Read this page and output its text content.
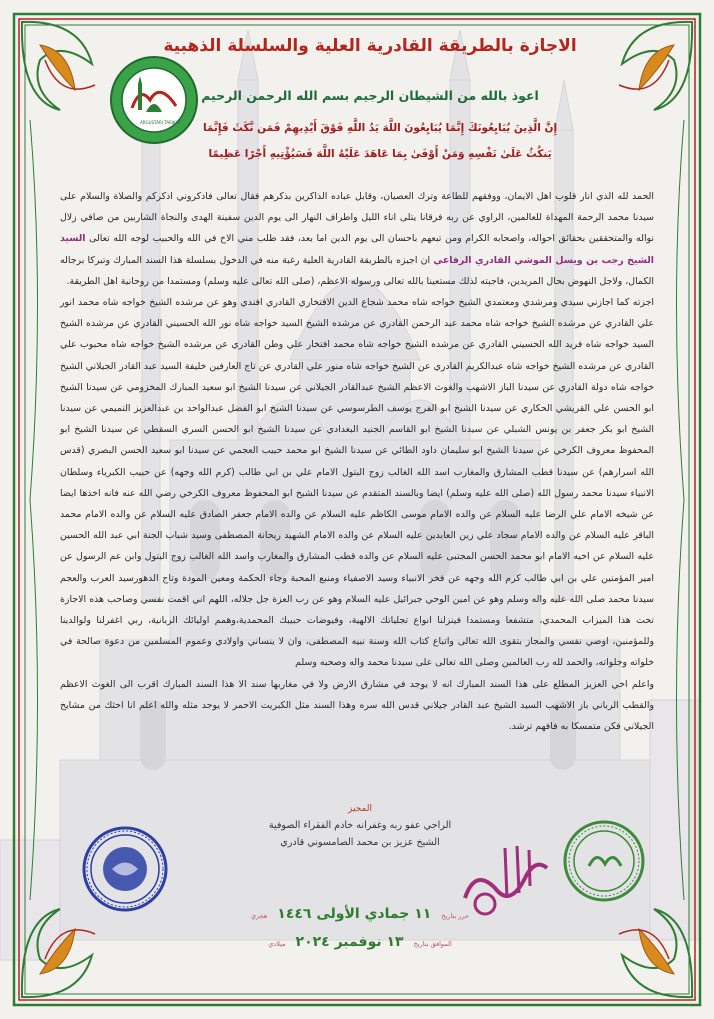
ARGUSTARI TARIKAT
الاجازة بالطريقة القادرية العلية والسلسلة الذهبية
اعوذ بالله من الشيطان الرجيم بسم الله الرحمن الرحيم
إِنَّ الَّذِينَ يُبَايِعُونَكَ إِنَّمَا يُبَايِعُونَ اللَّهَ يَدُ اللَّهِ فَوْقَ أَيْدِيهِمْ فَمَن نَّكَثَ فَإِنَّمَا
يَنكُثُ عَلَىٰ نَفْسِهِ وَمَنْ أَوْفَىٰ بِمَا عَاهَدَ عَلَيْهُ اللَّهَ فَسَيُؤْتِيهِ أَجْرًا عَظِيمًا

الحمد لله الذي انار قلوب اهل الايمان، ووفقهم للطاعة وترك العصيان، وقابل عباده الذاكرين بذكرهم فقال تعالى فاذكروني اذكركم والصلاة والسلام على سيدنا محمد الرحمة المهداة للعالمين، الراوي عن ربه فرقانا يتلى اناء الليل واطراف النهار الى يوم الدين سفينة الهدى والنجاة الشاربين من صافي زلال نواله والمتحققين بحقائق احواله، واصحابه الكرام ومن تبعهم باحسان الى يوم الدين اما بعد، فقد طلب مني الاخ في الله والحبيب لوجه الله تعالى السيد الشيخ رجب بن ويسل الموشي القادري الرفاعي ان اجيزه بالطريقة القادرية العلية رغبة منه في الدخول بسلسلة هذا السند المبارك وتبركا برجاله الكمال، ولاجل النهوض بحال المريدين، فاجبته لذلك مستعينا بالله تعالى ورسوله الاعظم، (صلى الله تعالى عليه وسلم) ومستمدا من روحانية اهل الطريقة.

اجزته كما اجازني سيدي ومرشدي ومعتمدي الشيخ خواجه شاه محمد شجاع الدين الافتخاري القادري افندي وهو عن مرشده الشيخ خواجه شاه محمد انور علي القادري عن مرشده الشيخ خواجه شاه محمد عبد الرحمن القادري عن مرشده الشيخ السيد خواجه شاه نور الله الحسيني القادري عن مرشده الشيخ السيد خواجه شاه فريد الله الحسيني القادري عن مرشده الشيخ خواجه شاه محمد افتخار علي وطن القادري عن مرشده الشيخ خواجه شاه محبوب علي القادري عن مرشده الشيخ خواجه شاه عبدالكريم القادري عن الشيخ خواجه شاه منور علي القادري عن تاج العارفين خليفة السيد عبد القادر الجيلاني الشيخ خواجه شاه دولة القادري عن سيدنا الباز الاشهب والغوث الاعظم الشيخ عبدالقادر الجيلاني عن سيدنا الشيخ ابو سعيد المبارك المخزومي عن سيدنا الشيخ ابو الحسن علي القريشي الحكاري عن سيدنا الشيخ ابو الفرج يوسف الطرسوسي عن سيدنا الشيخ ابو الفضل عبدالواحد بن عبدالعزيز التميمي عن سيدنا الشيخ ابو بكر جعفر بن يونس الشبلي عن سيدنا الشيخ ابو القاسم الجنيد البغدادي عن سيدنا الشيخ ابو الحسن السري السقطي عن سيدنا الشيخ ابو المحفوظ معروف الكرخي عن سيدنا الشيخ ابو سليمان داود الطائي عن سيدنا الشيخ ابو محمد حبيب العجمي عن سيدنا ابو سعيد الحسن البصري (قدس الله اسرارهم) عن سيدنا قطب المشارق والمغارب اسد الله الغالب زوج البتول الامام علي بن ابي طالب (كرم الله وجهه) عن حبيب الكبرياء وسلطان الانبياء سيدنا محمد رسول الله (صلى الله عليه وسلم) ايضا وبالسند المتقدم عن سيدنا الشيخ ابو المحفوظ معروف الكرخي رضي الله عنه فانه اخذها ايضا عن شيخه الامام علي الرضا عليه السلام عن والده الامام موسى الكاظم عليه السلام عن والده الامام جعفر الصادق عليه السلام عن والده الامام محمد الباقر عليه السلام عن والده الامام سجاد علي زين العابدين عليه السلام عن والده الامام الشهيد ريحانة المصطفى وسيد شباب الجنة ابي عبد الله الحسين عليه السلام عن اخيه الامام ابو محمد الحسن المجتبى عليه السلام عن والده قطب المشارق والمغارب واسد الله الغالب زوج البتول وابن عم الرسول عن امير المؤمنين علي بن ابي طالب كرم الله وجهه عن فخر الانبياء وسيد الاصفياء ومنبع المحبة وجاء الحكمة ومعين المودة وتاج الدهورسيد العرب والعجم سيدنا محمد صلى الله عليه واله وسلم وهو عن امين الوحي جبرائيل عليه السلام وهو عن رب العزة جل جلاله، اللهم اني اقمت نفسي وصاحب هذه الاجازة تحت هذا الميزاب المحمدي، متشفعا ومستمدا فينزلنا انواع تجلياتك الالهية، وفيوضات حبيبك المحمدية،وهمم اوليائك الربانية، ربي اغفرلنا ولوالدينا وللمؤمنين، اوصي نفسي والمجاز بتقوى الله تعالى واتباع كتاب الله وسنة نبيه المصطفى، وان لا ينساني واولادي وعموم المسلمين من دعوة صالحة في خلواته وجلواته، والحمد لله رب العالمين وصلى الله تعالى على سيدنا محمد واله وصحبه وسلم

واعلم اخي العزيز المطلع على هذا السند المبارك انه لا يوجد في مشارق الارض ولا في مغاربها سند الا هذا السند المبارك اقرب الى الغوث الاعظم والقطب الرباني باز الاشهب السيد الشيخ عبد القادر جيلاني قدس الله سره وهذا السند مثل الكبريت الاحمر لا يوجد مثله والله اعلم انا احثك من مشايخ الجيلاني فكن متمسكا به فافهم ترشد.

المجيز
الراجي عفو ربه وغفرانه خادم الفقراء الصوفية
الشيخ عزيز بن محمد الصامسوني قادري
حرر بتاريخ
١١ جمادي الأولى ١٤٤٦
هجري
الموافق بتاريخ
١٣ نوفمبر ٢٠٢٤
ميلادي
